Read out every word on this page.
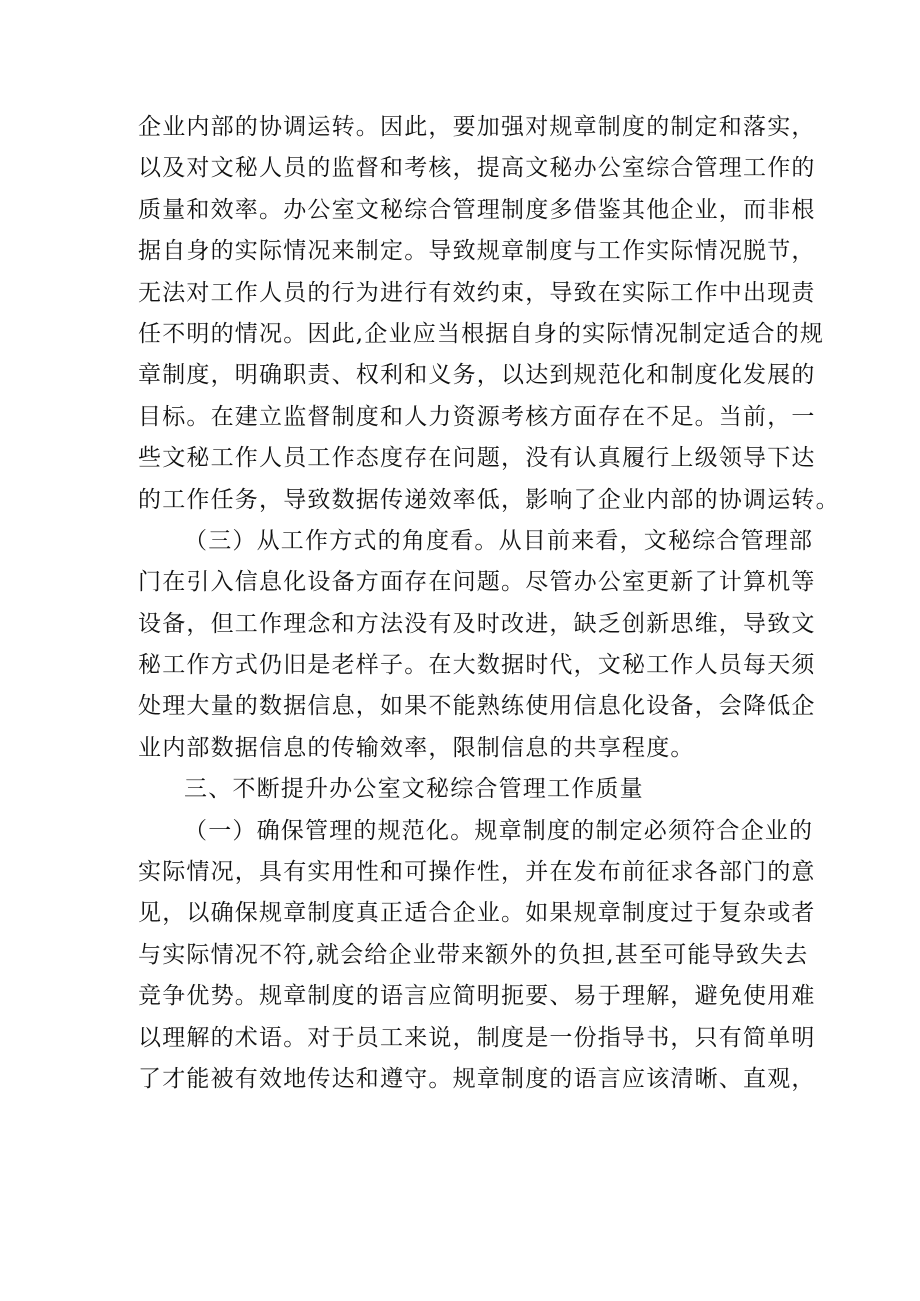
企业内部的协调运转。因此，要加强对规章制度的制定和落实，
以及对文秘人员的监督和考核，提高文秘办公室综合管理工作的
质量和效率。办公室文秘综合管理制度多借鉴其他企业，而非根
据自身的实际情况来制定。导致规章制度与工作实际情况脱节，
无法对工作人员的行为进行有效约束，导致在实际工作中出现责
任不明的情况。因此,企业应当根据自身的实际情况制定适合的规
章制度，明确职责、权利和义务，以达到规范化和制度化发展的
目标。在建立监督制度和人力资源考核方面存在不足。当前，一
些文秘工作人员工作态度存在问题，没有认真履行上级领导下达
的工作任务，导致数据传递效率低，影响了企业内部的协调运转。
（三）从工作方式的角度看。从目前来看，文秘综合管理部
门在引入信息化设备方面存在问题。尽管办公室更新了计算机等
设备，但工作理念和方法没有及时改进，缺乏创新思维，导致文
秘工作方式仍旧是老样子。在大数据时代，文秘工作人员每天须
处理大量的数据信息，如果不能熟练使用信息化设备，会降低企
业内部数据信息的传输效率，限制信息的共享程度。
三、不断提升办公室文秘综合管理工作质量
（一）确保管理的规范化。规章制度的制定必须符合企业的
实际情况，具有实用性和可操作性，并在发布前征求各部门的意
见，以确保规章制度真正适合企业。如果规章制度过于复杂或者
与实际情况不符,就会给企业带来额外的负担,甚至可能导致失去
竞争优势。规章制度的语言应简明扼要、易于理解，避免使用难
以理解的术语。对于员工来说，制度是一份指导书，只有简单明
了才能被有效地传达和遵守。规章制度的语言应该清晰、直观，
